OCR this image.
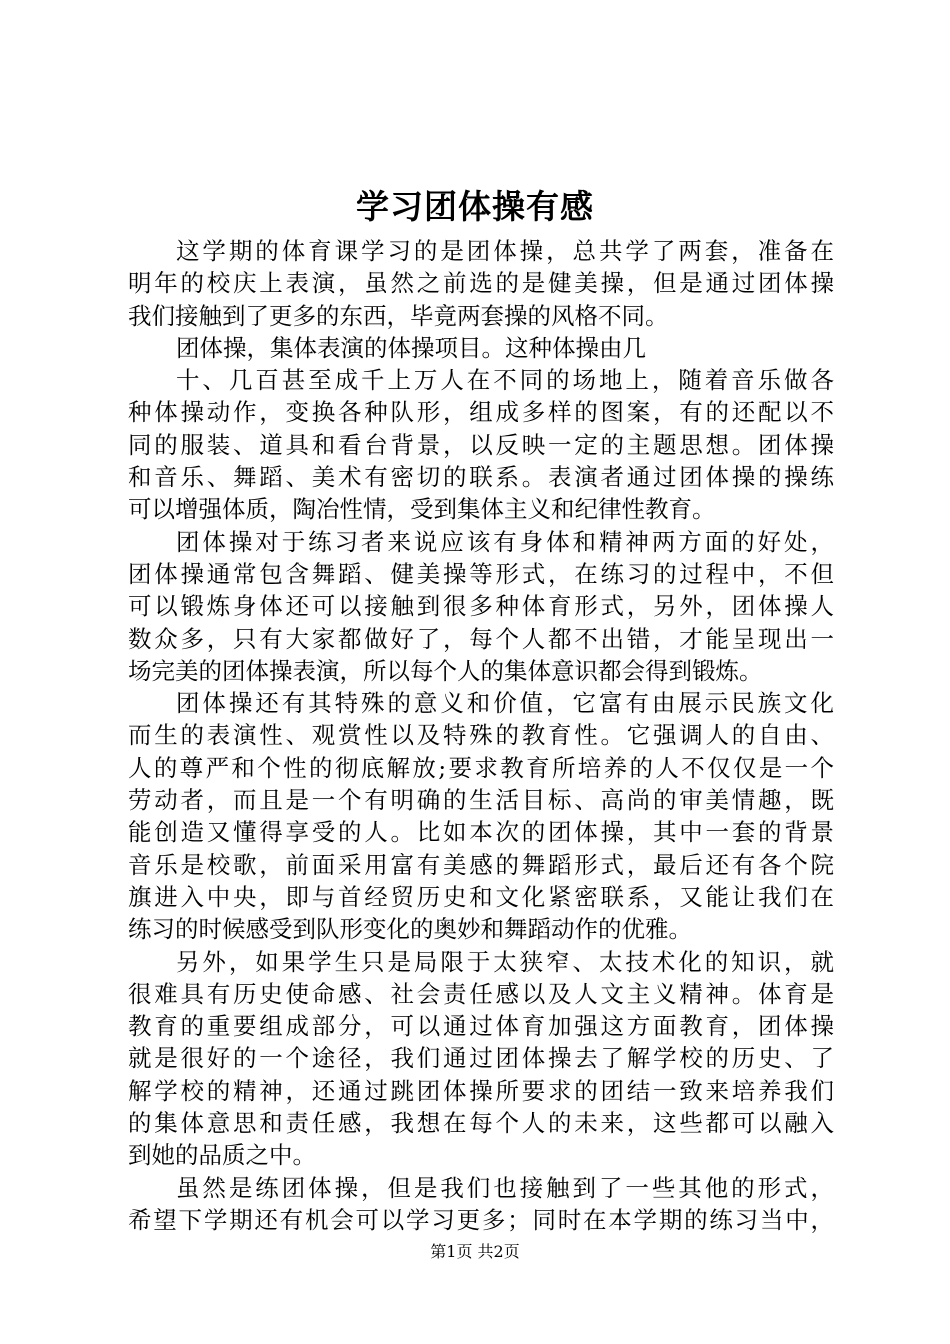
学习团体操有感
这学期的体育课学习的是团体操，总共学了两套，准备在
明年的校庆上表演，虽然之前选的是健美操，但是通过团体操
我们接触到了更多的东西，毕竟两套操的风格不同。
团体操，集体表演的体操项目。这种体操由几
十、几百甚至成千上万人在不同的场地上，随着音乐做各
种体操动作，变换各种队形，组成多样的图案，有的还配以不
同的服装、道具和看台背景，以反映一定的主题思想。团体操
和音乐、舞蹈、美术有密切的联系。表演者通过团体操的操练
可以增强体质，陶冶性情，受到集体主义和纪律性教育。
团体操对于练习者来说应该有身体和精神两方面的好处，
团体操通常包含舞蹈、健美操等形式，在练习的过程中，不但
可以锻炼身体还可以接触到很多种体育形式，另外，团体操人
数众多，只有大家都做好了，每个人都不出错，才能呈现出一
场完美的团体操表演，所以每个人的集体意识都会得到锻炼。
团体操还有其特殊的意义和价值，它富有由展示民族文化
而生的表演性、观赏性以及特殊的教育性。它强调人的自由、
人的尊严和个性的彻底解放;要求教育所培养的人不仅仅是一个
劳动者，而且是一个有明确的生活目标、高尚的审美情趣，既
能创造又懂得享受的人。比如本次的团体操，其中一套的背景
音乐是校歌，前面采用富有美感的舞蹈形式，最后还有各个院
旗进入中央，即与首经贸历史和文化紧密联系，又能让我们在
练习的时候感受到队形变化的奥妙和舞蹈动作的优雅。
另外，如果学生只是局限于太狭窄、太技术化的知识，就
很难具有历史使命感、社会责任感以及人文主义精神。体育是
教育的重要组成部分，可以通过体育加强这方面教育，团体操
就是很好的一个途径，我们通过团体操去了解学校的历史、了
解学校的精神，还通过跳团体操所要求的团结一致来培养我们
的集体意思和责任感，我想在每个人的未来，这些都可以融入
到她的品质之中。
虽然是练团体操，但是我们也接触到了一些其他的形式，
希望下学期还有机会可以学习更多；同时在本学期的练习当中，
第1页 共2页
